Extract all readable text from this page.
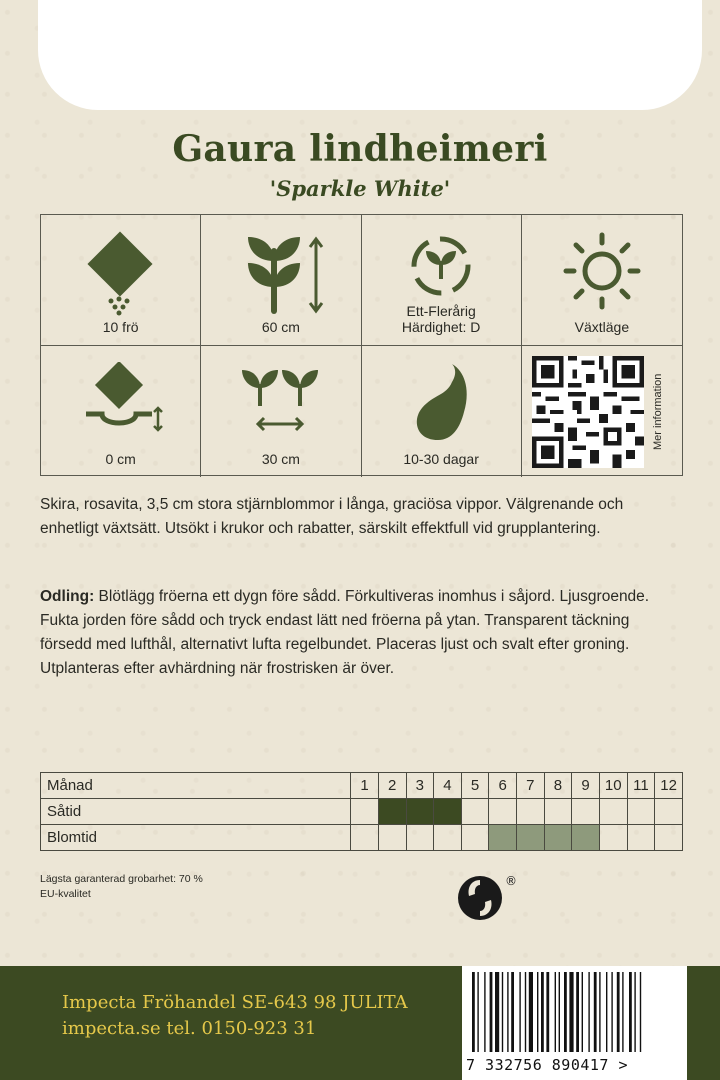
Gaura lindheimeri
'Sparkle White'
10 frö	60 cm
Ett-Flerårig
Härdighet: D	Växtläge
0 cm	30 cm	10-30 dagar
Mer information
Skira, rosavita, 3,5 cm stora stjärnblommor i långa, graciösa vippor. Välgrenande och enhetligt växtsätt. Utsökt i krukor och rabatter, särskilt effektfull vid grupplantering.
Odling: Blötlägg fröerna ett dygn före sådd. Förkultiveras inomhus i såjord. Ljusgroende. Fukta jorden före sådd och tryck endast lätt ned fröerna på ytan. Transparent täckning försedd med lufthål, alternativt lufta regelbundet. Placeras ljust och svalt efter groning. Utplanteras efter avhärdning när frostrisken är över.
Månad	1	2	3	4	5	6	7	8	9	10	11	12
Såtid												
Blomtid												
Lägsta garanterad grobarhet: 70 %
EU-kvalitet
®
Impecta Fröhandel SE-643 98 JULITA
impecta.se tel. 0150-923 31
7 332756 890417 >
